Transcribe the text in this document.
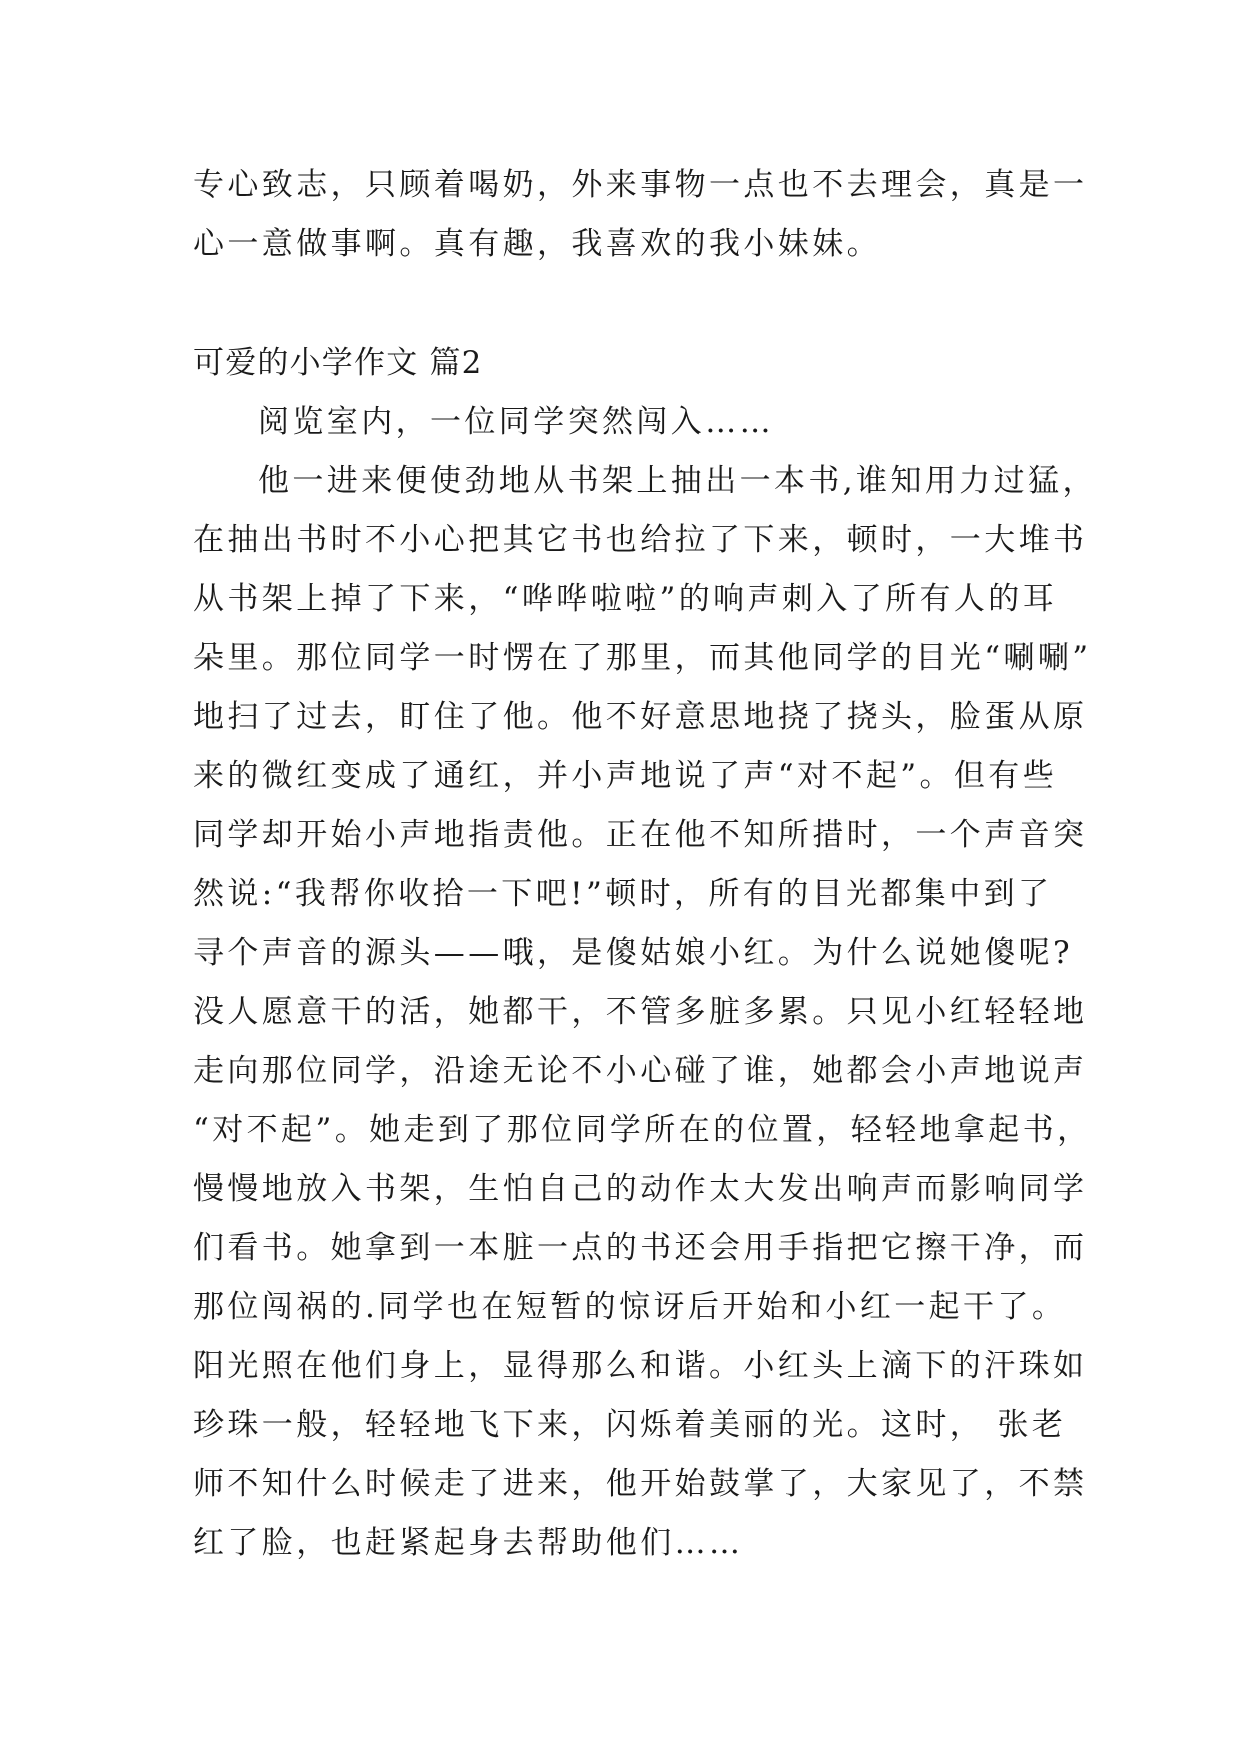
专心致志，只顾着喝奶，外来事物一点也不去理会，真是一
心一意做事啊。真有趣，我喜欢的我小妹妹。
可爱的小学作文 篇2
阅览室内，一位同学突然闯入……
他一进来便使劲地从书架上抽出一本书,谁知用力过猛，
在抽出书时不小心把其它书也给拉了下来，顿时，一大堆书
从书架上掉了下来，“哗哗啦啦”的响声刺入了所有人的耳
朵里。那位同学一时愣在了那里，而其他同学的目光“唰唰”
地扫了过去，盯住了他。他不好意思地挠了挠头，脸蛋从原
来的微红变成了通红，并小声地说了声“对不起”。但有些
同学却开始小声地指责他。正在他不知所措时，一个声音突
然说:“我帮你收拾一下吧!”顿时，所有的目光都集中到了
寻个声音的源头——哦，是傻姑娘小红。为什么说她傻呢?
没人愿意干的活，她都干，不管多脏多累。只见小红轻轻地
走向那位同学，沿途无论不小心碰了谁，她都会小声地说声
“对不起”。她走到了那位同学所在的位置，轻轻地拿起书，
慢慢地放入书架，生怕自己的动作太大发出响声而影响同学
们看书。她拿到一本脏一点的书还会用手指把它擦干净，而
那位闯祸的.同学也在短暂的惊讶后开始和小红一起干了。
阳光照在他们身上，显得那么和谐。小红头上滴下的汗珠如
珍珠一般，轻轻地飞下来，闪烁着美丽的光。这时， 张老
师不知什么时候走了进来，他开始鼓掌了，大家见了，不禁
红了脸，也赶紧起身去帮助他们……
